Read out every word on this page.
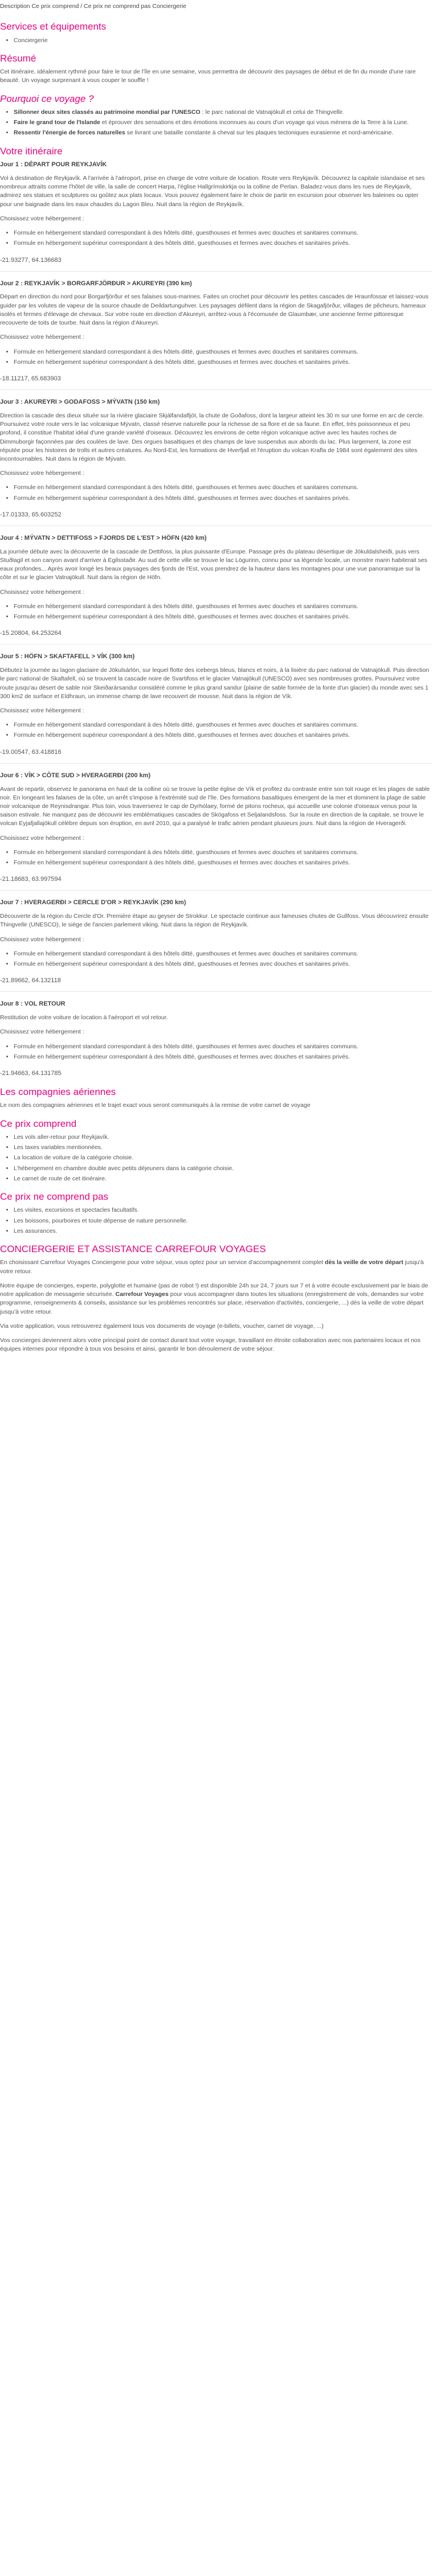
Description Ce prix comprend / Ce prix ne comprend pas Conciergerie
Services et équipements
• Conciergerie
Résumé

Cet itinéraire, idéalement rythmé pour faire le tour de l'île en une semaine, vous permettra de découvrir des paysages de début et de fin du monde d'une rare beauté. Un voyage surprenant à vous couper le souffle !

Pourquoi ce voyage ?
• Sillonner deux sites classés au patrimoine mondial par l'UNESCO : le parc national de Vatnajökull et celui de Thingvellir.
• Faire le grand tour de l'Islande et éprouver des sensations et des émotions inconnues au cours d'un voyage qui vous mènera de la Terre à la Lune.
• Ressentir l'énergie de forces naturelles se livrant une bataille constante à cheval sur les plaques tectoniques eurasienne et nord-américaine.
Votre itinéraire
Jour 1 : DÉPART POUR REYKJAVÍK

Vol à destination de Reykjavík. A l'arrivée à l'aéroport, prise en charge de votre voiture de location. Route vers Reykjavík. Découvrez la capitale islandaise et ses nombreux attraits comme l'hôtel de ville, la salle de concert Harpa, l'église Hallgrímskirkja ou la colline de Perlan. Baladez-vous dans les rues de Reykjavík, admirez ses statues et sculptures ou goûtez aux plats locaux. Vous pouvez également faire le choix de partir en excursion pour observer les baleines ou opter pour une baignade dans les eaux chaudes du Lagon Bleu. Nuit dans la région de Reykjavík.

Choisissez votre hébergement :

• Formule en hébergement standard correspondant à des hôtels ditté, guesthouses et fermes avec douches et sanitaires communs.
• Formule en hébergement supérieur correspondant à des hôtels ditté, guesthouses et fermes avec douches et sanitaires privés.
-21.93277, 64.136683
Jour 2 : REYKJAVÍK > BORGARFJÖRÐUR > AKUREYRI (390 km)

Départ en direction du nord pour Borgarfjörður et ses falaises sous-marines. Faites un crochet pour découvrir les petites cascades de Hraunfossar et laissez-vous guider par les volutes de vapeur de la source chaude de Deildartunguhver. Les paysages défilent dans la région de Skagafjörður, villages de pêcheurs, hameaux isolés et fermes d'élevage de chevaux. Sur votre route en direction d'Akureyri, arrêtez-vous à l'écomusée de Glaumbær, une ancienne ferme pittoresque recouverte de toits de tourbe. Nuit dans la région d'Akureyri.

Choisissez votre hébergement :

• Formule en hébergement standard correspondant à des hôtels ditté, guesthouses et fermes avec douches et sanitaires communs.
• Formule en hébergement supérieur correspondant à des hôtels ditté, guesthouses et fermes avec douches et sanitaires privés.
-18.11217, 65.683903
Jour 3 : AKUREYRI > GODAFOSS > MÝVATN (150 km)

Direction la cascade des dieux située sur la rivière glaciaire Skjálfandafljót, la chute de Goðafoss, dont la largeur atteint les 30 m sur une forme en arc de cercle. Poursuivez votre route vers le lac volcanique Mývatn, classé réserve naturelle pour la richesse de sa flore et de sa faune. En effet, très poissonneux et peu profond, il constitue l'habitat idéal d'une grande variété d'oiseaux. Découvrez les environs de cette région volcanique active avec les hautes roches de Dimmuborgir façonnées par des coulées de lave. Des orgues basaltiques et des champs de lave suspendus aux abords du lac. Plus largement, la zone est réputée pour les histoires de trolls et autres créatures. Au Nord-Est, les formations de Hverfjall et l'éruption du volcan Krafla de 1984 sont également des sites incontournables. Nuit dans la région de Mývatn.

Choisissez votre hébergement :

• Formule en hébergement standard correspondant à des hôtels ditté, guesthouses et fermes avec douches et sanitaires communs.
• Formule en hébergement supérieur correspondant à des hôtels ditté, guesthouses et fermes avec douches et sanitaires privés.
-17.01333, 65.603252
Jour 4 : MÝVATN > DETTIFOSS > FJORDS DE L'EST > HÖFN (420 km)

La journée débute avec la découverte de la cascade de Dettifoss, la plus puissante d'Europe. Passage près du plateau désertique de Jökuldalsheiði, puis vers Stuðlagil et son canyon avant d'arriver à Egilsstaðir. Au sud de cette ville se trouve le lac Lögurinn, connu pour sa légende locale, un monstre marin habiterait ses eaux profondes... Après avoir longé les beaux paysages des fjords de l'Est, vous prendrez de la hauteur dans les montagnes pour une vue panoramique sur la côte et sur le glacier Vatnajökull. Nuit dans la région de Höfn.

Choisissez votre hébergement :

• Formule en hébergement standard correspondant à des hôtels ditté, guesthouses et fermes avec douches et sanitaires communs.
• Formule en hébergement supérieur correspondant à des hôtels ditté, guesthouses et fermes avec douches et sanitaires privés.
-15.20804, 64.253264
Jour 5 : HÖFN > SKAFTAFELL > VÍK (300 km)

Débutez la journée au lagon glaciaire de Jökulsárlón, sur lequel flotte des icebergs bleus, blancs et noirs, à la lisière du parc national de Vatnajökull. Puis direction le parc national de Skaftafell, où se trouvent la cascade noire de Svartifoss et le glacier Vatnajökull (UNESCO) avec ses nombreuses grottes. Poursuivez votre route jusqu'au désert de sable noir Skeiðarársandur considéré comme le plus grand sandur (plaine de sable formée de la fonte d'un glacier) du monde avec ses 1 300 km2 de surface et Eldhraun, un immense champ de lave recouvert de mousse. Nuit dans la région de Vík.

Choisissez votre hébergement :

• Formule en hébergement standard correspondant à des hôtels ditté, guesthouses et fermes avec douches et sanitaires communs.
• Formule en hébergement supérieur correspondant à des hôtels ditté, guesthouses et fermes avec douches et sanitaires privés.
-19.00547, 63.418816
Jour 6 : VÍK > CÔTE SUD > HVERAGERÐI (200 km)

Avant de repartir, observez le panorama en haut de la colline où se trouve la petite église de Vík et profitez du contraste entre son toit rouge et les plages de sable noir. En longeant les falaises de la côte, un arrêt s'impose à l'extrémité sud de l'île. Des formations basaltiques émergent de la mer et dominent la plage de sable noir volcanique de Reynisdrangar. Plus loin, vous traverserez le cap de Dyrhólaey, formé de pitons rocheux, qui accueille une colonie d'oiseaux venus pour la saison estivale. Ne manquez pas de découvrir les emblématiques cascades de Skógafoss et Seljalandsfoss. Sur la route en direction de la capitale, se trouve le volcan Eyjafjallajökull célèbre depuis son éruption, en avril 2010, qui a paralysé le trafic aérien pendant plusieurs jours. Nuit dans la région de Hveragerði.

Choisissez votre hébergement :

• Formule en hébergement standard correspondant à des hôtels ditté, guesthouses et fermes avec douches et sanitaires communs.
• Formule en hébergement supérieur correspondant à des hôtels ditté, guesthouses et fermes avec douches et sanitaires privés.
-21.18683, 63.997594
Jour 7 : HVERAGERÐI > CERCLE D'OR > REYKJAVÍK (290 km)

Découverte de la région du Cercle d'Or. Première étape au geyser de Strokkur. Le spectacle continue aux fameuses chutes de Gullfoss. Vous découvrirez ensuite Thingvellir (UNESCO), le siège de l'ancien parlement viking. Nuit dans la région de Reykjavík.

Choisissez votre hébergement :

• Formule en hébergement standard correspondant à des hôtels ditté, guesthouses et fermes avec douches et sanitaires communs.
• Formule en hébergement supérieur correspondant à des hôtels ditté, guesthouses et fermes avec douches et sanitaires privés.
-21.89662, 64.132118
Jour 8 : VOL RETOUR

Restitution de votre voiture de location à l'aéroport et vol retour.

Choisissez votre hébergement :

• Formule en hébergement standard correspondant à des hôtels ditté, guesthouses et fermes avec douches et sanitaires communs.
• Formule en hébergement supérieur correspondant à des hôtels ditté, guesthouses et fermes avec douches et sanitaires privés.
-21.94663, 64.131785
Les compagnies aériennes

Le nom des compagnies aériennes et le trajet exact vous seront communiqués à la remise de votre carnet de voyage

Ce prix comprend
• Les vols aller-retour pour Reykjavík.
• Les taxes variables mentionnées.
• La location de voiture de la catégorie choisie.
• L'hébergement en chambre double avec petits déjeuners dans la catégorie choisie.
• Le carnet de route de cet itinéraire.
Ce prix ne comprend pas
• Les visites, excursions et spectacles facultatifs.
• Les boissons, pourboires et toute dépense de nature personnelle.
• Les assurances.
CONCIERGERIE ET ASSISTANCE CARREFOUR VOYAGES

En choisissant Carrefour Voyages Conciergerie pour votre séjour, vous optez pour un service d'accompagnement complet dès la veille de votre départ jusqu'à votre retour.

Notre équipe de concierges, experte, polyglotte et humaine (pas de robot !) est disponible 24h sur 24, 7 jours sur 7 et à votre écoute exclusivement par le biais de notre application de messagerie sécurisée. Carrefour Voyages pour vous accompagner dans toutes les situations (enregistrement de vols, demandes sur votre programme, renseignements & conseils, assistance sur les problèmes rencontrés sur place, réservation d'activités, conciergerie, ...) dès la veille de votre départ jusqu'à votre retour.

Via votre application, vous retrouverez également tous vos documents de voyage (e-billets, voucher, carnet de voyage, ...)

Vos concierges deviennent alors votre principal point de contact durant tout votre voyage, travaillant en étroite collaboration avec nos partenaires locaux et nos équipes internes pour répondre à tous vos besoins et ainsi, garantir le bon déroulement de votre séjour.
